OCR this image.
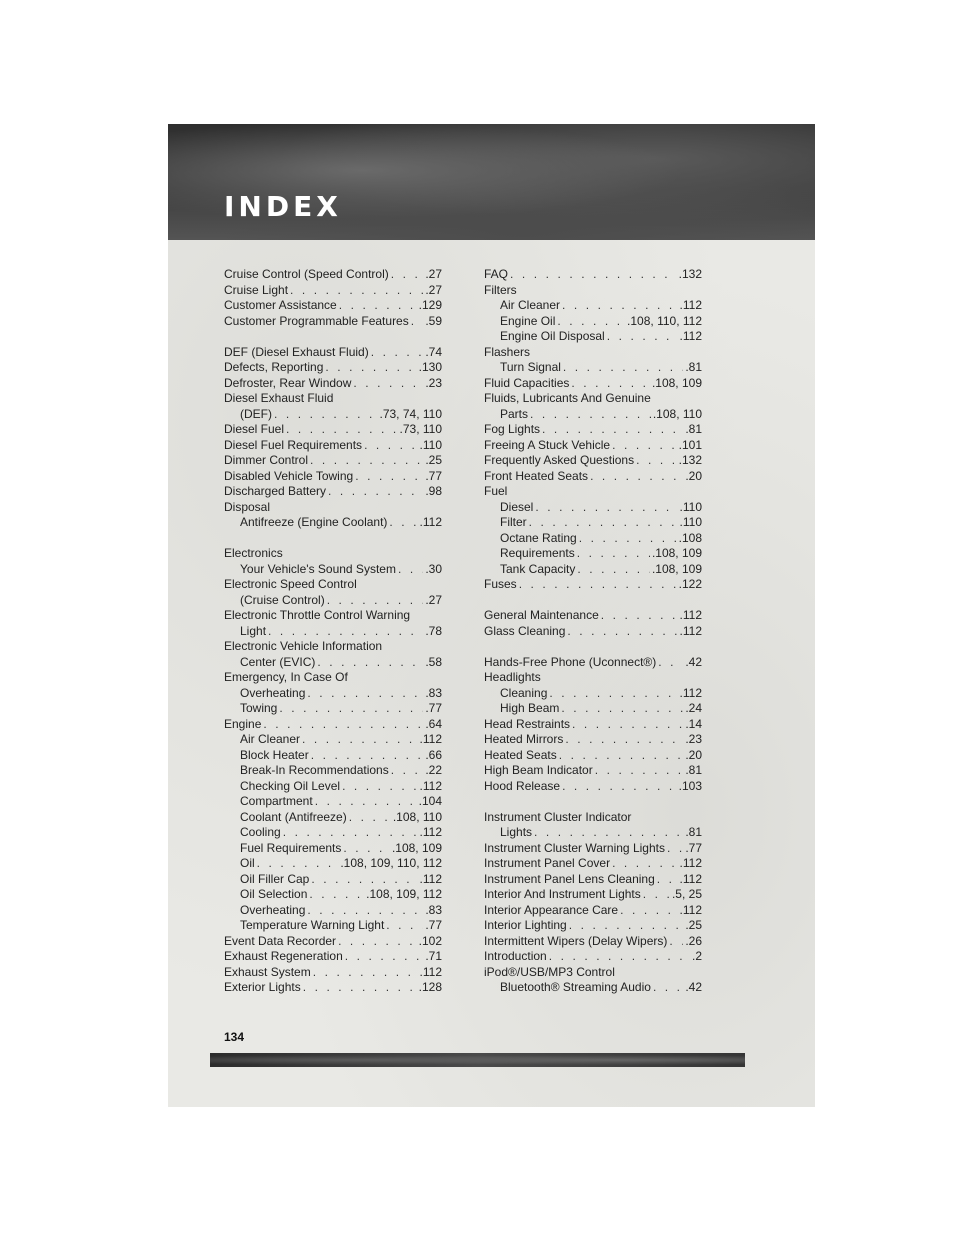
INDEX
Cruise Control (Speed Control) . . .	.27
Cruise Light . . .	.27
Customer Assistance . . .	.129
Customer Programmable Features . . . .59
DEF (Diesel Exhaust Fluid) . . .	.74
Defects, Reporting . . .	.130
Defroster, Rear Window . . .	.23
Diesel Exhaust Fluid
(DEF) . . .	.73, 74, 110
Diesel Fuel . . .	.73, 110
Diesel Fuel Requirements . . .	.110
Dimmer Control . . .	.25
Disabled Vehicle Towing . . .	.77
Discharged Battery . . .	.98
Disposal
Antifreeze (Engine Coolant) . . .	.112
Electronics
Your Vehicle's Sound System . . . .30
Electronic Speed Control
(Cruise Control) . . .	.27
Electronic Throttle Control Warning
Light . . .	.78
Electronic Vehicle Information
Center (EVIC) . . .	.58
Emergency, In Case Of
Overheating . . .	.83
Towing . . .	.77
Engine . . .	.64
Air Cleaner . . .	.112
Block Heater . . .	.66
Break-In Recommendations . . .	.22
Checking Oil Level . . .	.112
Compartment . . .	.104
Coolant (Antifreeze) . . .	.108, 110
Cooling . . .	.112
Fuel Requirements . . .	.108, 109
Oil . . .	.108, 109, 110, 112
Oil Filler Cap . . .	.112
Oil Selection . . .	.108, 109, 112
Overheating . . .	.83
Temperature Warning Light . . .	.77
Event Data Recorder . . .	.102
Exhaust Regeneration . . .	.71
Exhaust System . . .	.112
Exterior Lights . . .	.128
FAQ . . .	.132
Filters
Air Cleaner . . .	.112
Engine Oil . . .	.108, 110, 112
Engine Oil Disposal . . .	.112
Flashers
Turn Signal . . .	.81
Fluid Capacities . . .	.108, 109
Fluids, Lubricants And Genuine
Parts . . .	.108, 110
Fog Lights . . .	.81
Freeing A Stuck Vehicle . . .	.101
Frequently Asked Questions . . .	.132
Front Heated Seats . . .	.20
Fuel
Diesel . . .	.110
Filter . . .	.110
Octane Rating . . .	.108
Requirements . . .	.108, 109
Tank Capacity . . .	.108, 109
Fuses . . .	.122
General Maintenance . . .	.112
Glass Cleaning . . .	.112
Hands-Free Phone (Uconnect®) . . . .42
Headlights
Cleaning . . .	.112
High Beam . . .	.24
Head Restraints . . .	.14
Heated Mirrors . . .	.23
Heated Seats . . .	.20
High Beam Indicator . . .	.81
Hood Release . . .	.103
Instrument Cluster Indicator
Lights . . .	.81
Instrument Cluster Warning Lights . . . .77
Instrument Panel Cover . . .	.112
Instrument Panel Lens Cleaning . . . .112
Interior And Instrument Lights . . .	.5, 25
Interior Appearance Care . . .	.112
Interior Lighting . . .	.25
Intermittent Wipers (Delay Wipers) . . . .26
Introduction . . .	.2
iPod®/USB/MP3 Control
Bluetooth® Streaming Audio . . .	.42
134
